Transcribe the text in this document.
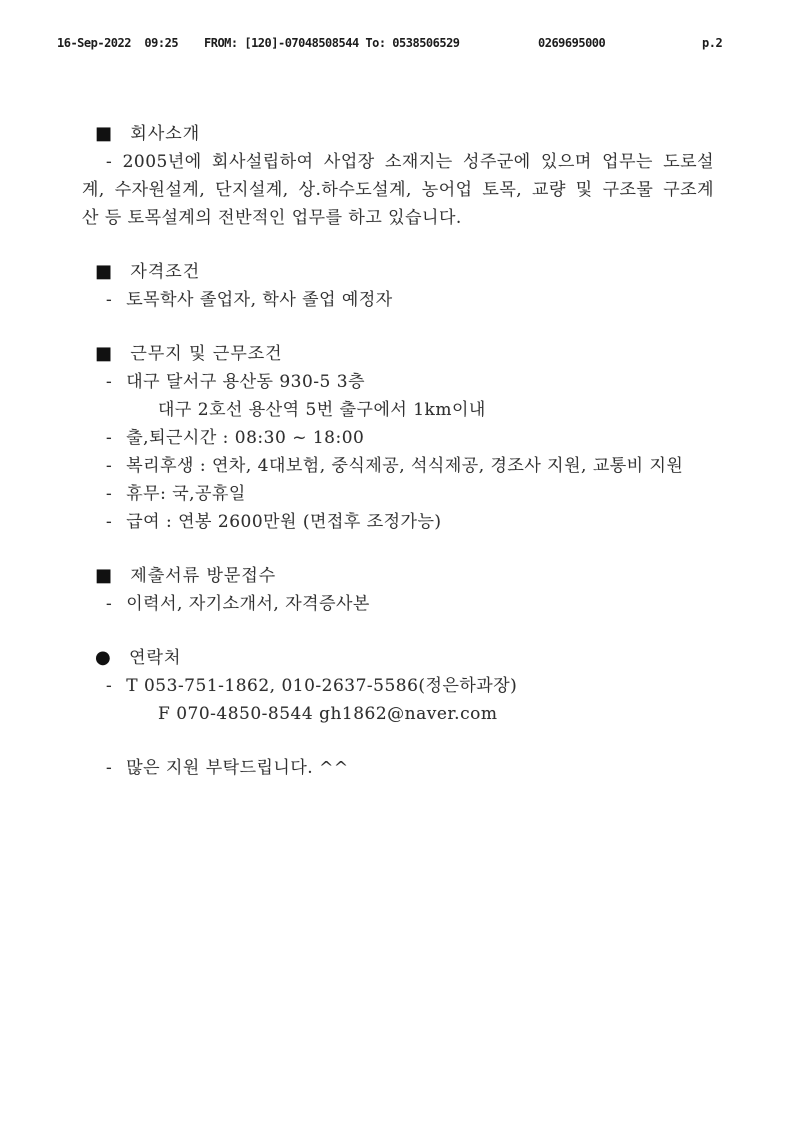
16-Sep-2022  09:25 FROM: [120]-07048508544 To: 0538506529	0269695000	p.2
■ 회사소개
- 2005년에 회사설립하여 사업장 소재지는 성주군에 있으며 업무는 도로설
계, 수자원설계, 단지설계, 상.하수도설계, 농어업 토목, 교량 및 구조물 구조계
산 등 토목설계의 전반적인 업무를 하고 있습니다.
■ 자격조건
- 토목학사 졸업자, 학사 졸업 예정자
■ 근무지 및 근무조건
- 대구 달서구 용산동 930-5 3층
대구 2호선 용산역 5번 출구에서 1km이내
- 출,퇴근시간 : 08:30 ~ 18:00
- 복리후생 : 연차, 4대보험, 중식제공, 석식제공, 경조사 지원, 교통비 지원
- 휴무: 국,공휴일
- 급여 : 연봉 2600만원 (면접후 조정가능)
■ 제출서류 방문접수
- 이력서, 자기소개서, 자격증사본
● 연락처
- T 053-751-1862, 010-2637-5586(정은하과장)
F 070-4850-8544 gh1862@naver.com
- 많은 지원 부탁드립니다. ^^
